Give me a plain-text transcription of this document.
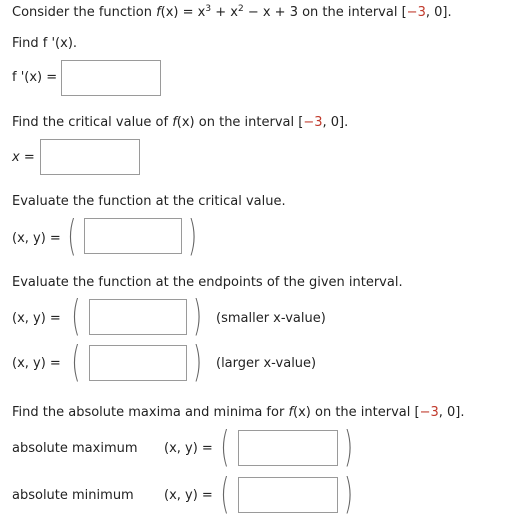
Consider the function $f(x) = x^3 + x^2 - x + 3$ on the interval [−3, 0].
Find f '(x).
f '(x) =
Find the critical value of f(x) on the interval [−3, 0].
x =
Evaluate the function at the critical value.
(x, y) = (	)
Evaluate the function at the endpoints of the given interval.
(x, y) = (	) (smaller x-value)
(x, y) = (	) (larger x-value)
Find the absolute maxima and minima for f(x) on the interval [−3, 0].
absolute maximum (x, y) = (	)
absolute minimum (x, y) = (	)
